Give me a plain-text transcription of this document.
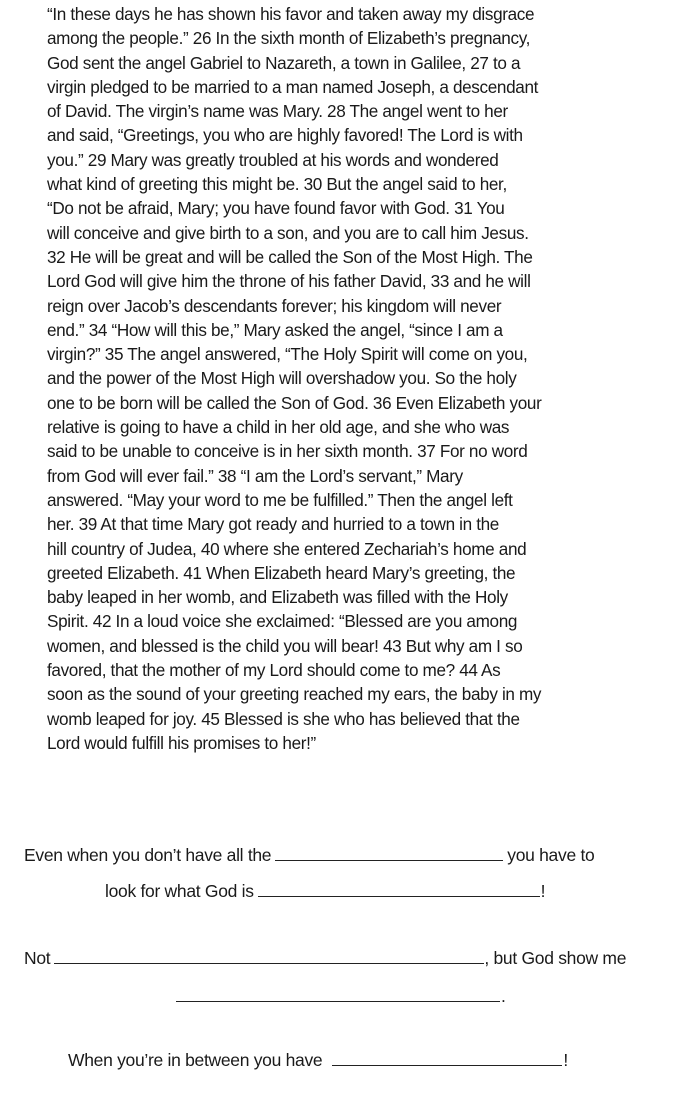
“In these days he has shown his favor and taken away my disgrace
among the people.” 26 In the sixth month of Elizabeth’s pregnancy,
God sent the angel Gabriel to Nazareth, a town in Galilee, 27 to a
virgin pledged to be married to a man named Joseph, a descendant
of David. The virgin’s name was Mary. 28 The angel went to her
and said, “Greetings, you who are highly favored! The Lord is with
you.” 29 Mary was greatly troubled at his words and wondered
what kind of greeting this might be. 30 But the angel said to her,
“Do not be afraid, Mary; you have found favor with God. 31 You
will conceive and give birth to a son, and you are to call him Jesus.
32 He will be great and will be called the Son of the Most High. The
Lord God will give him the throne of his father David, 33 and he will
reign over Jacob’s descendants forever; his kingdom will never
end.” 34 “How will this be,” Mary asked the angel, “since I am a
virgin?” 35 The angel answered, “The Holy Spirit will come on you,
and the power of the Most High will overshadow you. So the holy
one to be born will be called the Son of God. 36 Even Elizabeth your
relative is going to have a child in her old age, and she who was
said to be unable to conceive is in her sixth month. 37 For no word
from God will ever fail.” 38 “I am the Lord’s servant,” Mary
answered. “May your word to me be fulfilled.” Then the angel left
her. 39 At that time Mary got ready and hurried to a town in the
hill country of Judea, 40 where she entered Zechariah’s home and
greeted Elizabeth. 41 When Elizabeth heard Mary’s greeting, the
baby leaped in her womb, and Elizabeth was filled with the Holy
Spirit. 42 In a loud voice she exclaimed: “Blessed are you among
women, and blessed is the child you will bear! 43 But why am I so
favored, that the mother of my Lord should come to me? 44 As
soon as the sound of your greeting reached my ears, the baby in my
womb leaped for joy. 45 Blessed is she who has believed that the
Lord would fulfill his promises to her!”
Even when you don’t have all the	you have to
look for what God is	!
Not	, but God show me
.
When you’re in between you have	!
